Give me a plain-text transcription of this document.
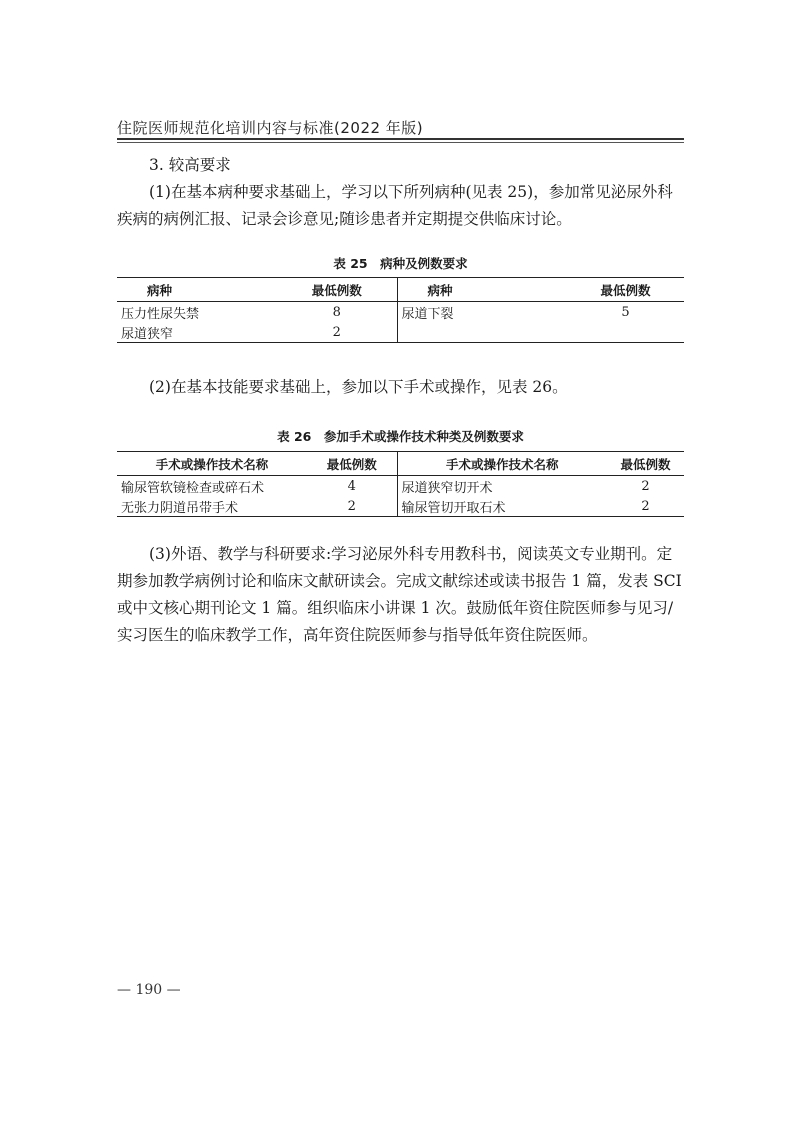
住院医师规范化培训内容与标准(2022 年版)

3. 较高要求

(1)在基本病种要求基础上，学习以下所列病种(见表 25)，参加常见泌尿外科疾病的病例汇报、记录会诊意见;随诊患者并定期提交供临床讨论。

表 25　病种及例数要求
病种	最低例数	病种	最低例数
压力性尿失禁	8	尿道下裂	5
尿道狭窄	2		

(2)在基本技能要求基础上，参加以下手术或操作，见表 26。

表 26　参加手术或操作技术种类及例数要求
手术或操作技术名称	最低例数	手术或操作技术名称	最低例数
输尿管软镜检查或碎石术	4	尿道狭窄切开术	2
无张力阴道吊带手术	2	输尿管切开取石术	2

(3)外语、教学与科研要求:学习泌尿外科专用教科书，阅读英文专业期刊。定期参加教学病例讨论和临床文献研读会。完成文献综述或读书报告 1 篇，发表 SCI 或中文核心期刊论文 1 篇。组织临床小讲课 1 次。鼓励低年资住院医师参与见习/实习医生的临床教学工作，高年资住院医师参与指导低年资住院医师。

— 190 —
